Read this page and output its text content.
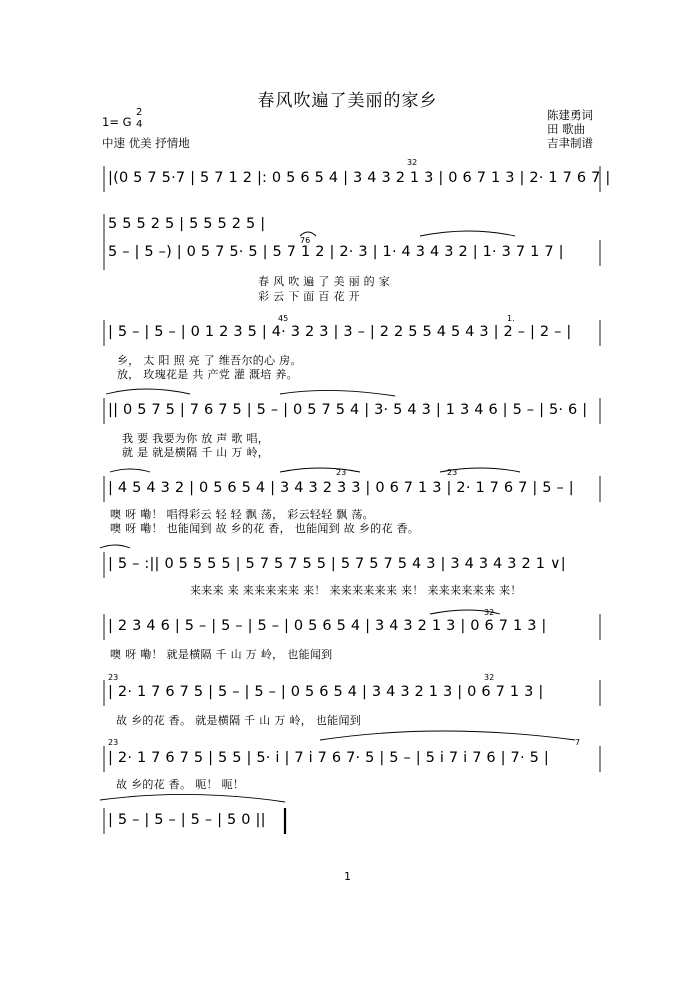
春风吹遍了美丽的家乡
1= G
2
4
中速 优美 抒情地
陈建勇词
田 歌曲
吉聿制谱
|(0 5 7 5·7 | 5 7 1 2 |: 0 5 6 5 4 | 3 4 3 2 1 3 | 0 6 7 1 3 | 2· 1 7 6 7 |
32
5 5 5 2 5 | 5 5 5 2 5 |
5 – | 5 –) | 0 5 7 5· 5 | 5 7 1 2 | 2· 3 | 1· 4 3 4 3 2 | 1· 3 7 1 7 |
76
春 风 吹 遍 了 美 丽 的 家
彩 云 下 面 百 花 开
| 5 – | 5 – | 0 1 2 3 5 | 4· 3 2 3 | 3 – | 2 2 5 5 4 5 4 3 | 2 – | 2 – |
45	1.
乡， 太 阳 照 亮 了 维吾尔的心 房。
放， 玫瑰花是 共 产党 灌 溉培 养。
|| 0 5 7 5 | 7 6 7 5 | 5 – | 0 5 7 5 4 | 3· 5 4 3 | 1 3 4 6 | 5 – | 5· 6 |
我 要 我要为你 放 声 歌 唱，
就 是 就是横隔 千 山 万 岭，
| 4 5 4 3 2 | 0 5 6 5 4 | 3 4 3 2 3 3 | 0 6 7 1 3 | 2· 1 7 6 7 | 5 – |
23	23
噢 呀 嘞！ 唱得彩云 轻 轻 飘 荡， 彩云轻轻 飘 荡。
噢 呀 嘞！ 也能闻到 故 乡的花 香， 也能闻到 故 乡的花 香。
| 5 – :|| 0 5 5 5 5 | 5 7 5 7 5 5 | 5 7 5 7 5 4 3 | 3 4 3 4 3 2 1 ∨|
来来来 来 来来来来来 来！ 来来来来来来 来！ 来来来来来来 来！
| 2 3 4 6 | 5 – | 5 – | 5 – | 0 5 6 5 4 | 3 4 3 2 1 3 | 0 6 7 1 3 |
32
噢 呀 嘞！ 就是横隔 千 山 万 岭， 也能闻到
| 2· 1 7 6 7 5 | 5 – | 5 – | 0 5 6 5 4 | 3 4 3 2 1 3 | 0 6 7 1 3 |
23	32
故 乡的花 香。 就是横隔 千 山 万 岭， 也能闻到
| 2· 1 7 6 7 5 | 5 5 | 5· i | 7 i 7 6 7· 5 | 5 – | 5 i 7 i 7 6 | 7· 5 |
23	7
故 乡的花 香。 呃！ 呃！
| 5 – | 5 – | 5 – | 5 0 ||
1
